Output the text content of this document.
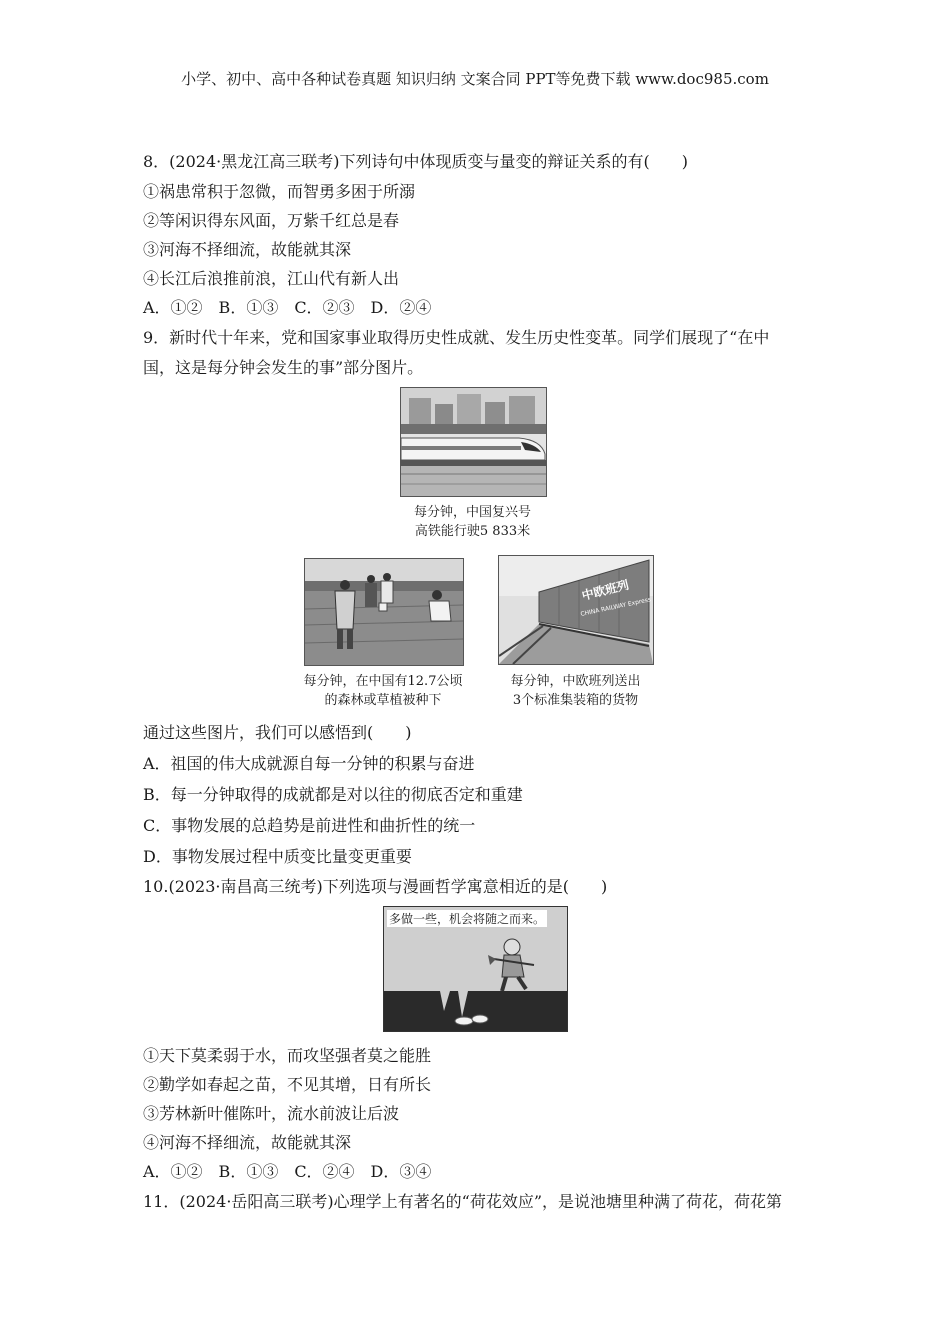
小学、初中、高中各种试卷真题 知识归纳 文案合同 PPT等免费下载 www.doc985.com
8．(2024·黑龙江高三联考)下列诗句中体现质变与量变的辩证关系的有(　　)
①祸患常积于忽微，而智勇多困于所溺
②等闲识得东风面，万紫千红总是春
③河海不择细流，故能就其深
④长江后浪推前浪，江山代有新人出
A．①②　B．①③　C．②③　D．②④
9．新时代十年来，党和国家事业取得历史性成就、发生历史性变革。同学们展现了“在中
国，这是每分钟会发生的事”部分图片。
每分钟，中国复兴号
高铁能行驶5 833米
每分钟，在中国有12.7公顷
的森林或草植被种下
中欧班列
CHINA RAILWAY Express
每分钟，中欧班列送出
3个标准集装箱的货物
通过这些图片，我们可以感悟到(　　)
A．祖国的伟大成就源自每一分钟的积累与奋进
B．每一分钟取得的成就都是对以往的彻底否定和重建
C．事物发展的总趋势是前进性和曲折性的统一
D．事物发展过程中质变比量变更重要
10.(2023·南昌高三统考)下列选项与漫画哲学寓意相近的是(　　)
多做一些，机会将随之而来。
①天下莫柔弱于水，而攻坚强者莫之能胜
②勤学如春起之苗，不见其增，日有所长
③芳林新叶催陈叶，流水前波让后波
④河海不择细流，故能就其深
A．①②　B．①③　C．②④　D．③④
11．(2024·岳阳高三联考)心理学上有著名的“荷花效应”，是说池塘里种满了荷花，荷花第
